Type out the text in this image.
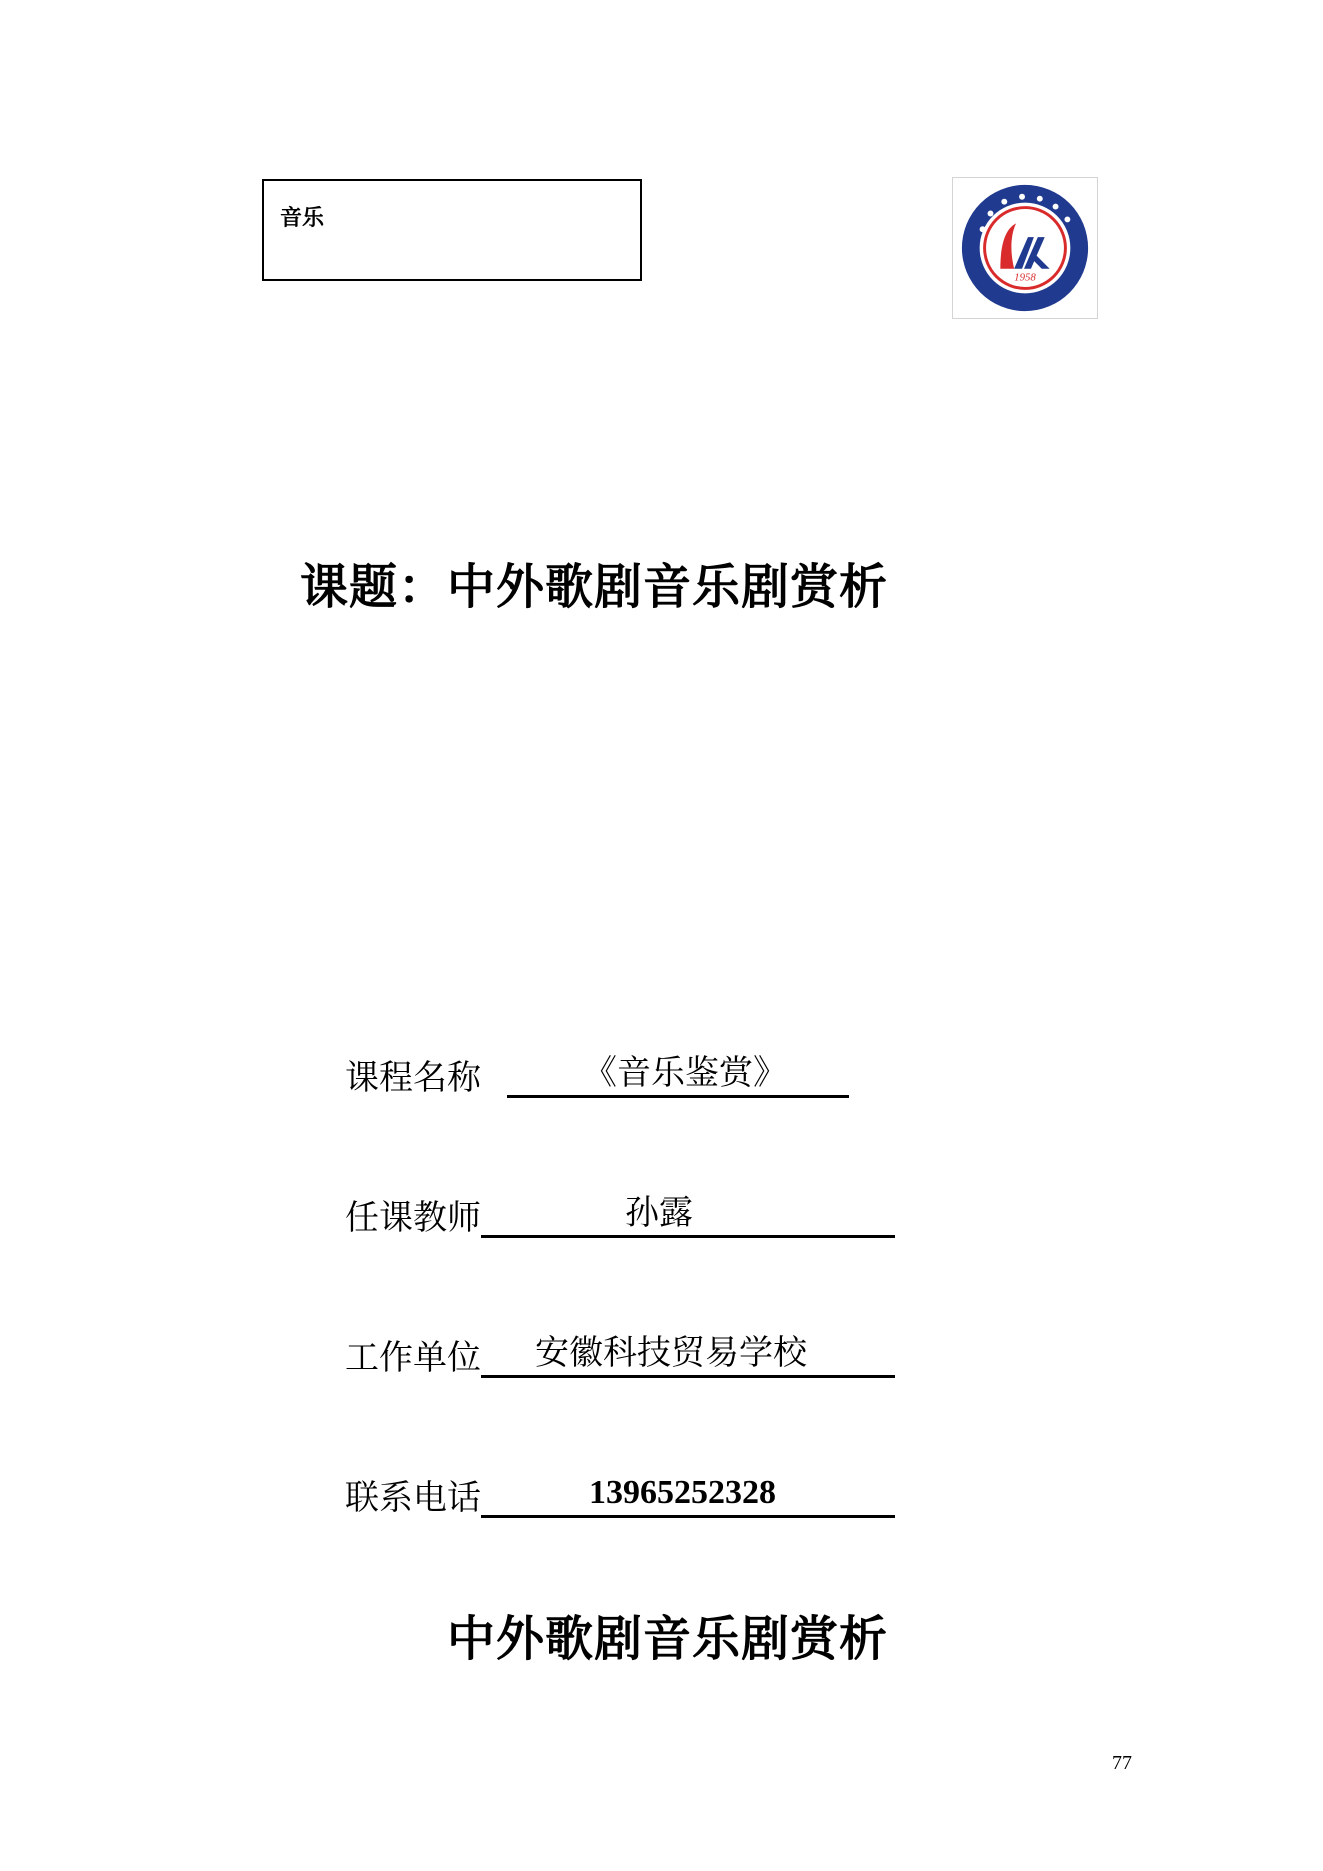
音乐
1958
课题：中外歌剧音乐剧赏析
课程名称	《音乐鉴赏》
任课教师	孙露
工作单位 安徽科技贸易学校
联系电话	13965252328
中外歌剧音乐剧赏析
77
